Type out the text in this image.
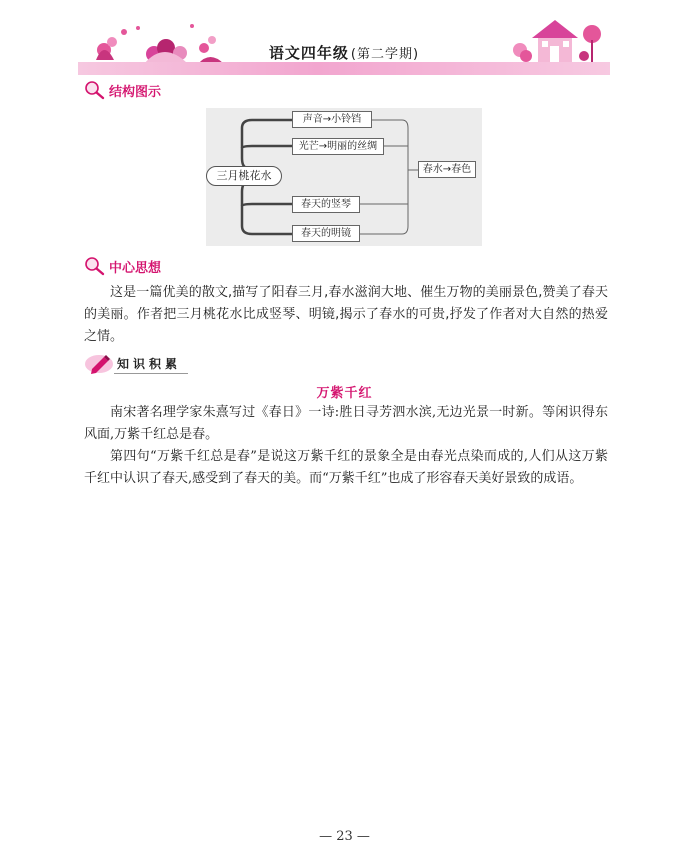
语文四年级 (第二学期)
结构图示
三月桃花水
声音→小铃铛
光芒→明丽的丝绸
春天的竖琴
春天的明镜
春水→春色
中心思想

这是一篇优美的散文,描写了阳春三月,春水滋润大地、催生万物的美丽景色,赞美了春天的美丽。作者把三月桃花水比成竖琴、明镜,揭示了春水的可贵,抒发了作者对大自然的热爱之情。

知识积累
万紫千红

南宋著名理学家朱熹写过《春日》一诗:胜日寻芳泗水滨,无边光景一时新。等闲识得东风面,万紫千红总是春。

第四句“万紫千红总是春”是说这万紫千红的景象全是由春光点染而成的,人们从这万紫千红中认识了春天,感受到了春天的美。而“万紫千红”也成了形容春天美好景致的成语。

— 23 —
